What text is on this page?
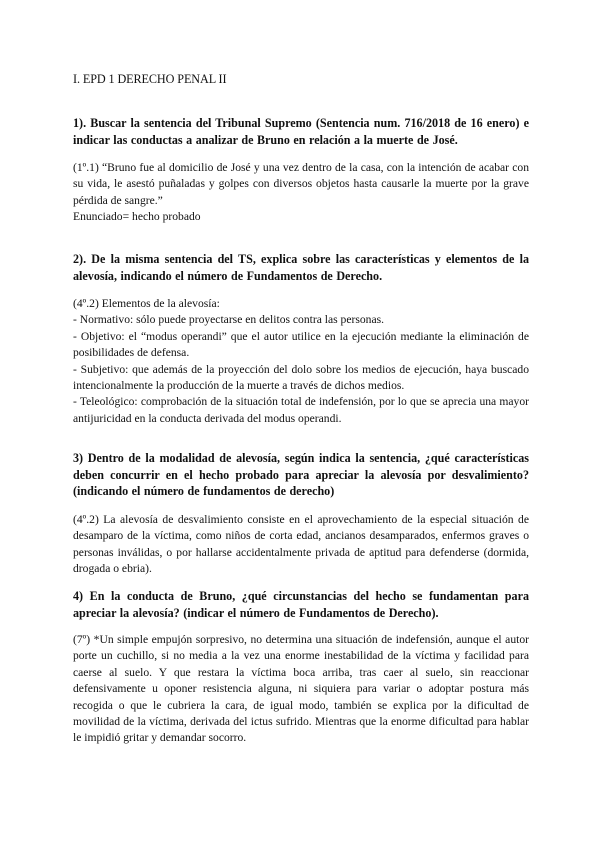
I. EPD 1 DERECHO PENAL II

1). Buscar la sentencia del Tribunal Supremo (Sentencia num. 716/2018 de 16 enero) e indicar las conductas a analizar de Bruno en relación a la muerte de José.

(1º.1) “Bruno fue al domicilio de José y una vez dentro de la casa, con la intención de acabar con su vida, le asestó puñaladas y golpes con diversos objetos hasta causarle la muerte por la grave pérdida de sangre.”

Enunciado= hecho probado

2). De la misma sentencia del TS, explica sobre las características y elementos de la alevosía, indicando el número de Fundamentos de Derecho.

(4º.2) Elementos de la alevosía:

- Normativo: sólo puede proyectarse en delitos contra las personas.

- Objetivo: el “modus operandi” que el autor utilice en la ejecución mediante la eliminación de posibilidades de defensa.

- Subjetivo: que además de la proyección del dolo sobre los medios de ejecución, haya buscado intencionalmente la producción de la muerte a través de dichos medios.

- Teleológico: comprobación de la situación total de indefensión, por lo que se aprecia una mayor antijuricidad en la conducta derivada del modus operandi.

3) Dentro de la modalidad de alevosía, según indica la sentencia, ¿qué características deben concurrir en el hecho probado para apreciar la alevosía por desvalimiento? (indicando el número de fundamentos de derecho)

(4º.2) La alevosía de desvalimiento consiste en el aprovechamiento de la especial situación de desamparo de la víctima, como niños de corta edad, ancianos desamparados, enfermos graves o personas inválidas, o por hallarse accidentalmente privada de aptitud para defenderse (dormida, drogada o ebria).

4) En la conducta de Bruno, ¿qué circunstancias del hecho se fundamentan para apreciar la alevosía? (indicar el número de Fundamentos de Derecho).

(7º) *Un simple empujón sorpresivo, no determina una situación de indefensión, aunque el autor porte un cuchillo, si no media a la vez una enorme inestabilidad de la víctima y facilidad para caerse al suelo. Y que restara la víctima boca arriba, tras caer al suelo, sin reaccionar defensivamente u oponer resistencia alguna, ni siquiera para variar o adoptar postura más recogida o que le cubriera la cara, de igual modo, también se explica por la dificultad de movilidad de la víctima, derivada del ictus sufrido. Mientras que la enorme dificultad para hablar le impidió gritar y demandar socorro.
